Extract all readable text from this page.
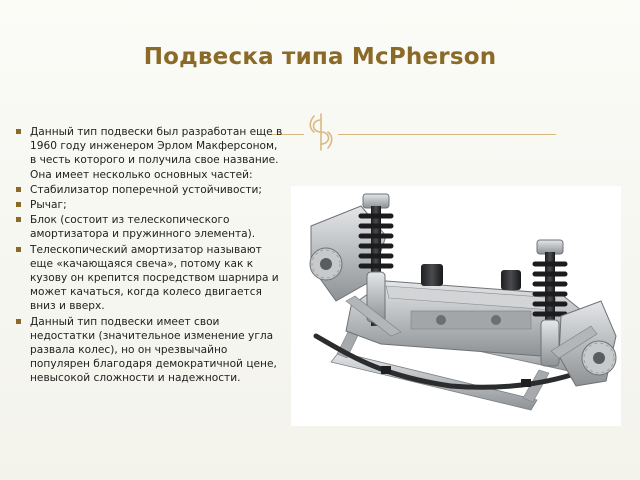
Подвеска типа McPherson
Данный тип подвески был разработан еще в 1960 году инженером Эрлом Макферсоном, в честь которого и получила свое название. Она имеет несколько основных частей:
Стабилизатор поперечной устойчивости;
Рычаг;
Блок (состоит из телескопического амортизатора и пружинного элемента).
Телескопический амортизатор называют еще «качающаяся свеча», потому как к кузову он крепится посредством шарнира и может качаться, когда колесо двигается вниз и вверх.
Данный тип подвески имеет свои недостатки (значительное изменение угла развала колес), но он чрезвычайно популярен благодаря демократичной цене, невысокой сложности и надежности.
